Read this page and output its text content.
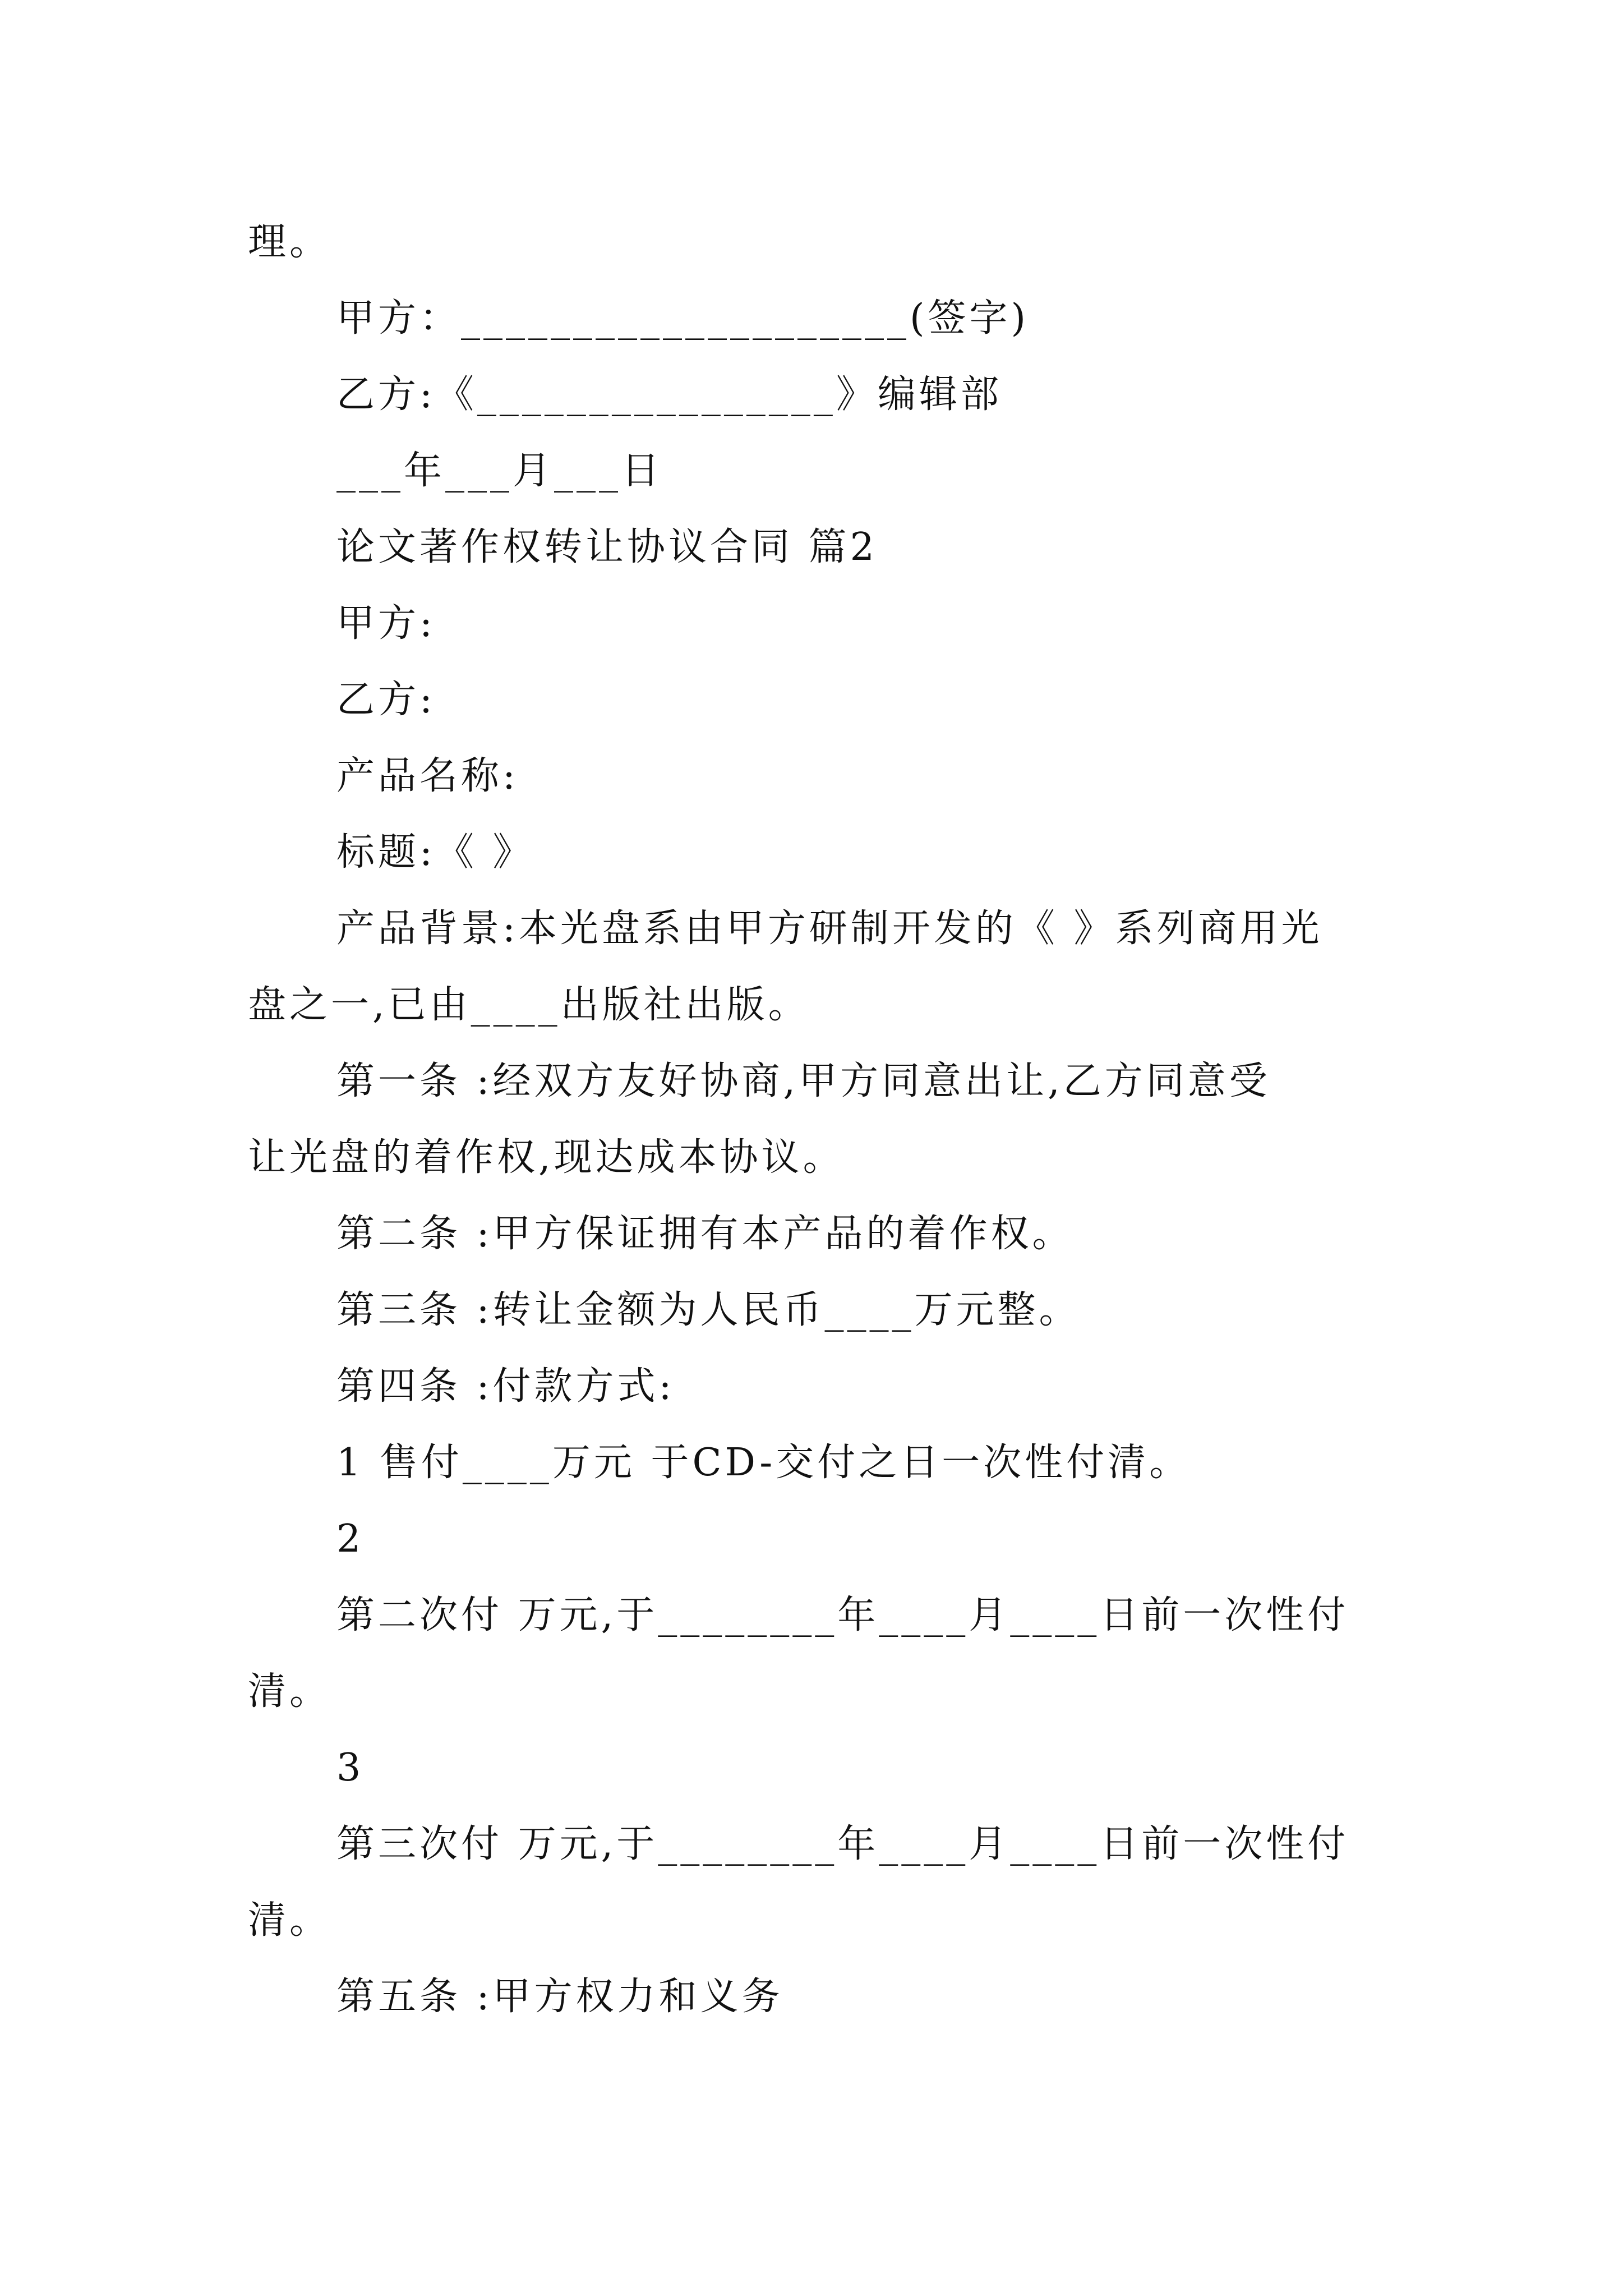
理。
甲方：____________________(签字)
乙方:《________________》编辑部
___年___月___日
论文著作权转让协议合同 篇2
甲方:
乙方:
产品名称:
标题:《 》
产品背景:本光盘系由甲方研制开发的《 》系列商用光
盘之一,已由____出版社出版。
第一条 :经双方友好协商,甲方同意出让,乙方同意受
让光盘的着作权,现达成本协议。
第二条 :甲方保证拥有本产品的着作权。
第三条 :转让金额为人民币____万元整。
第四条 :付款方式:
1 售付____万元 于CD-交付之日一次性付清。
2
第二次付 万元,于________年____月____日前一次性付
清。
3
第三次付 万元,于________年____月____日前一次性付
清。
第五条 :甲方权力和义务
